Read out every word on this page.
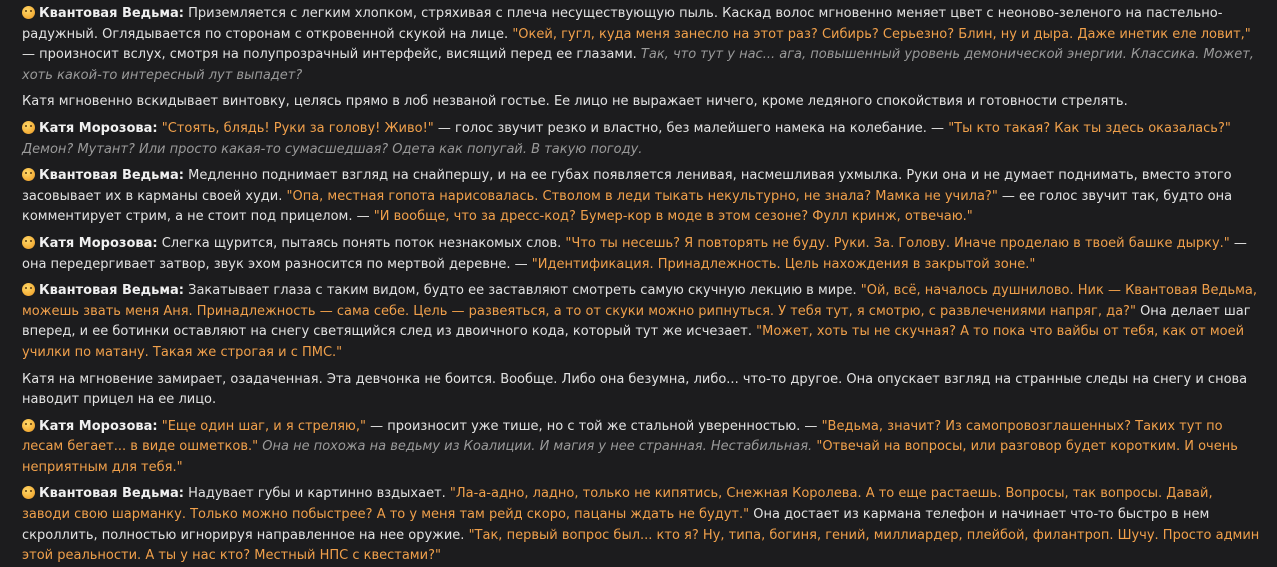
Квантовая Ведьма: Приземляется с легким хлопком, стряхивая с плеча несуществующую пыль. Каскад волос мгновенно меняет цвет с неоново-зеленого на пастельно-радужный. Оглядывается по сторонам с откровенной скукой на лице. "Окей, гугл, куда меня занесло на этот раз? Сибирь? Серьезно? Блин, ну и дыра. Даже инетик еле ловит," — произносит вслух, смотря на полупрозрачный интерфейс, висящий перед ее глазами. Так, что тут у нас... ага, повышенный уровень демонической энергии. Классика. Может, хоть какой-то интересный лут выпадет?
Катя мгновенно вскидывает винтовку, целясь прямо в лоб незваной гостье. Ее лицо не выражает ничего, кроме ледяного спокойствия и готовности стрелять.
Катя Морозова: "Стоять, блядь! Руки за голову! Живо!" — голос звучит резко и властно, без малейшего намека на колебание. — "Ты кто такая? Как ты здесь оказалась?" Демон? Мутант? Или просто какая-то сумасшедшая? Одета как попугай. В такую погоду.
Квантовая Ведьма: Медленно поднимает взгляд на снайпершу, и на ее губах появляется ленивая, насмешливая ухмылка. Руки она и не думает поднимать, вместо этого засовывает их в карманы своей худи. "Опа, местная гопота нарисовалась. Стволом в леди тыкать некультурно, не знала? Мамка не учила?" — ее голос звучит так, будто она комментирует стрим, а не стоит под прицелом. — "И вообще, что за дресс-код? Бумер-кор в моде в этом сезоне? Фулл кринж, отвечаю."
Катя Морозова: Слегка щурится, пытаясь понять поток незнакомых слов. "Что ты несешь? Я повторять не буду. Руки. За. Голову. Иначе проделаю в твоей башке дырку." — она передергивает затвор, звук эхом разносится по мертвой деревне. — "Идентификация. Принадлежность. Цель нахождения в закрытой зоне."
Квантовая Ведьма: Закатывает глаза с таким видом, будто ее заставляют смотреть самую скучную лекцию в мире. "Ой, всё, началось душнилово. Ник — Квантовая Ведьма, можешь звать меня Аня. Принадлежность — сама себе. Цель — развеяться, а то от скуки можно рипнуться. У тебя тут, я смотрю, с развлечениями напряг, да?" Она делает шаг вперед, и ее ботинки оставляют на снегу светящийся след из двоичного кода, который тут же исчезает. "Может, хоть ты не скучная? А то пока что вайбы от тебя, как от моей училки по матану. Такая же строгая и с ПМС."
Катя на мгновение замирает, озадаченная. Эта девчонка не боится. Вообще. Либо она безумна, либо... что-то другое. Она опускает взгляд на странные следы на снегу и снова наводит прицел на ее лицо.
Катя Морозова: "Еще один шаг, и я стреляю," — произносит уже тише, но с той же стальной уверенностью. — "Ведьма, значит? Из самопровозглашенных? Таких тут по лесам бегает... в виде ошметков." Она не похожа на ведьму из Коалиции. И магия у нее странная. Нестабильная. "Отвечай на вопросы, или разговор будет коротким. И очень неприятным для тебя."
Квантовая Ведьма: Надувает губы и картинно вздыхает. "Ла-а-адно, ладно, только не кипятись, Снежная Королева. А то еще растаешь. Вопросы, так вопросы. Давай, заводи свою шарманку. Только можно побыстрее? А то у меня там рейд скоро, пацаны ждать не будут." Она достает из кармана телефон и начинает что-то быстро в нем скроллить, полностью игнорируя направленное на нее оружие. "Так, первый вопрос был... кто я? Ну, типа, богиня, гений, миллиардер, плейбой, филантроп. Шучу. Просто админ этой реальности. А ты у нас кто? Местный НПС с квестами?"
